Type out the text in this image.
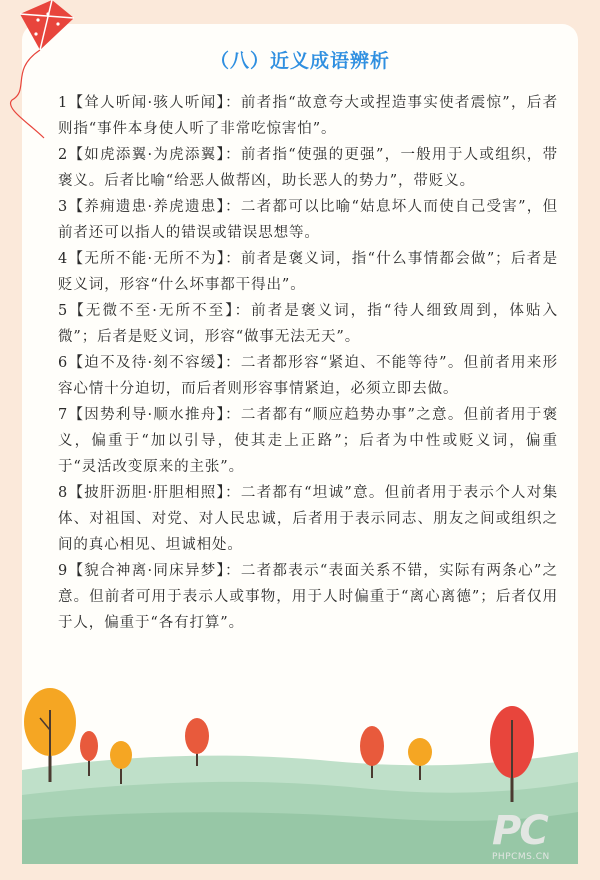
（八）近义成语辨析

1【耸人听闻·骇人听闻】：前者指“故意夸大或捏造事实使者震惊”，后者则指“事件本身使人听了非常吃惊害怕”。

2【如虎添翼·为虎添翼】：前者指“使强的更强”，一般用于人或组织，带褒义。后者比喻“给恶人做帮凶，助长恶人的势力”，带贬义。

3【养痈遗患·养虎遗患】：二者都可以比喻“姑息坏人而使自己受害”，但前者还可以指人的错误或错误思想等。

4【无所不能·无所不为】：前者是褒义词，指“什么事情都会做”；后者是贬义词，形容“什么坏事都干得出”。

5【无微不至·无所不至】：前者是褒义词，指“待人细致周到，体贴入微”；后者是贬义词，形容“做事无法无天”。

6【迫不及待·刻不容缓】：二者都形容“紧迫、不能等待”。但前者用来形容心情十分迫切，而后者则形容事情紧迫，必须立即去做。

7【因势利导·顺水推舟】：二者都有“顺应趋势办事”之意。但前者用于褒义，偏重于“加以引导，使其走上正路”；后者为中性或贬义词，偏重于“灵活改变原来的主张”。

8【披肝沥胆·肝胆相照】：二者都有“坦诚”意。但前者用于表示个人对集体、对祖国、对党、对人民忠诚，后者用于表示同志、朋友之间或组织之间的真心相见、坦诚相处。

9【貌合神离·同床异梦】：二者都表示“表面关系不错，实际有两条心”之意。但前者可用于表示人或事物，用于人时偏重于“离心离德”；后者仅用于人，偏重于“各有打算”。

PC
PHPCMS.CN
